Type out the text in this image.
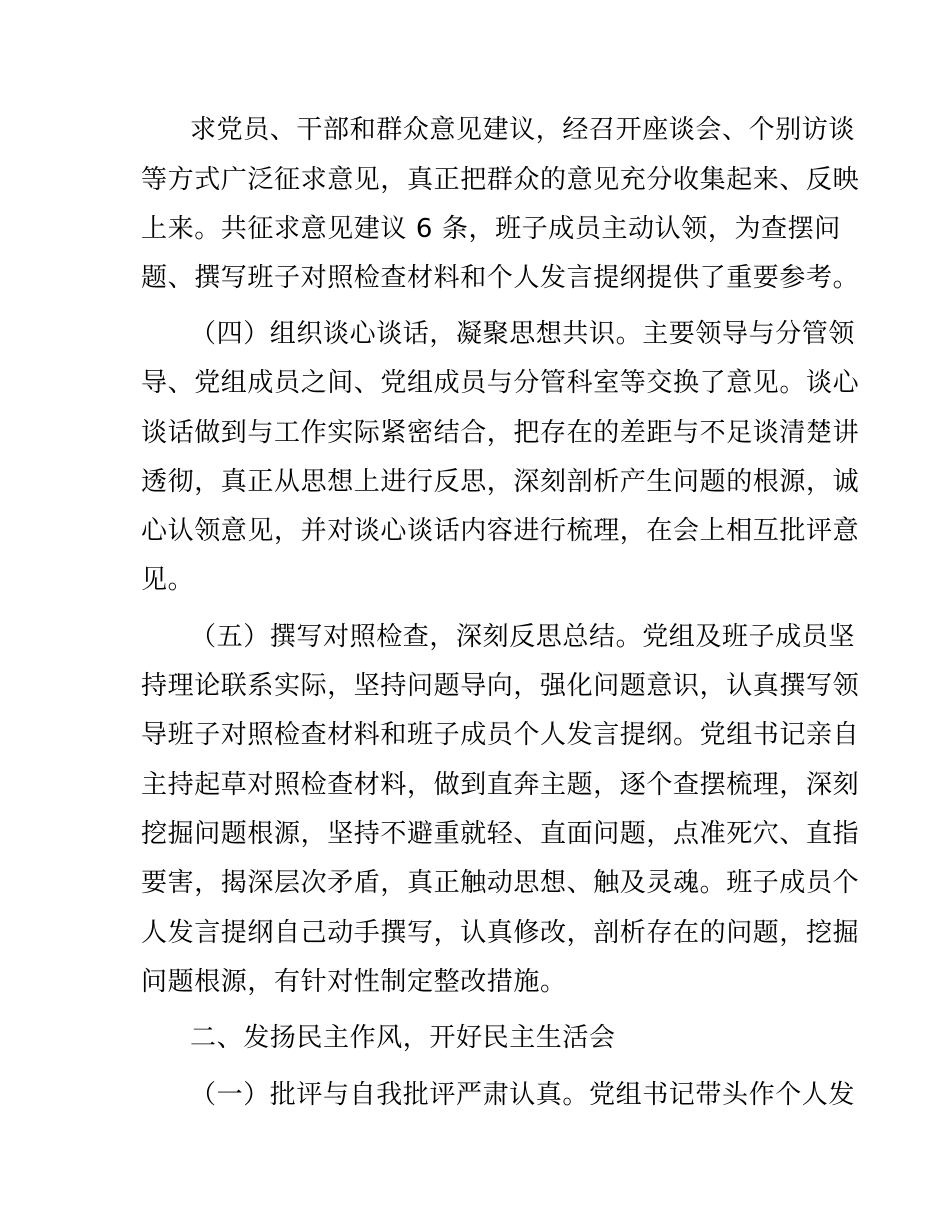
求党员、干部和群众意见建议，经召开座谈会、个别访谈
等方式广泛征求意见，真正把群众的意见充分收集起来、反映
上来。共征求意见建议 6 条，班子成员主动认领，为查摆问
题、撰写班子对照检查材料和个人发言提纲提供了重要参考。
（四）组织谈心谈话，凝聚思想共识。主要领导与分管领
导、党组成员之间、党组成员与分管科室等交换了意见。谈心
谈话做到与工作实际紧密结合，把存在的差距与不足谈清楚讲
透彻，真正从思想上进行反思，深刻剖析产生问题的根源，诚
心认领意见，并对谈心谈话内容进行梳理，在会上相互批评意
见。
（五）撰写对照检查，深刻反思总结。党组及班子成员坚
持理论联系实际，坚持问题导向，强化问题意识，认真撰写领
导班子对照检查材料和班子成员个人发言提纲。党组书记亲自
主持起草对照检查材料，做到直奔主题，逐个查摆梳理，深刻
挖掘问题根源，坚持不避重就轻、直面问题，点准死穴、直指
要害，揭深层次矛盾，真正触动思想、触及灵魂。班子成员个
人发言提纲自己动手撰写，认真修改，剖析存在的问题，挖掘
问题根源，有针对性制定整改措施。
二、发扬民主作风，开好民主生活会
（一）批评与自我批评严肃认真。党组书记带头作个人发
